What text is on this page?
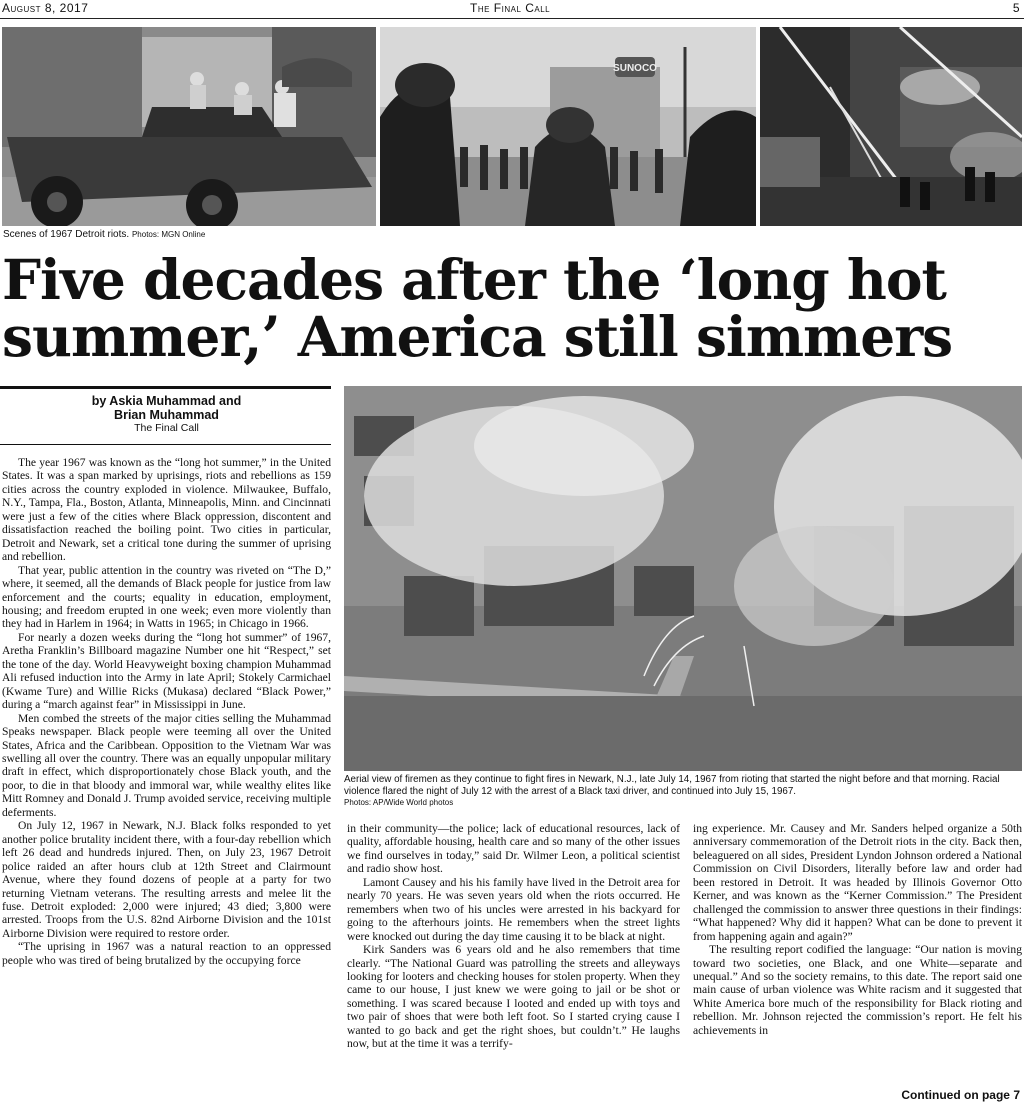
August 8, 2017	The Final Call	5
SUNOCO
Scenes of 1967 Detroit riots. Photos: MGN Online
Five decades after the ‘long hot summer,’ America still simmers
by Askia Muhammad and
Brian Muhammad
The Final Call
Aerial view of firemen as they continue to fight fires in Newark, N.J., late July 14, 1967 from rioting that started the night before and that morning. Racial violence flared the night of July 12 with the arrest of a Black taxi driver, and continued into July 15, 1967.
Photos: AP/Wide World photos

The year 1967 was known as the “long hot summer,” in the United States. It was a span marked by uprisings, riots and rebellions as 159 cities across the country exploded in violence. Milwaukee, Buffalo, N.Y., Tampa, Fla., Boston, Atlanta, Minneapolis, Minn. and Cincinnati were just a few of the cities where Black oppression, discontent and dissatisfaction reached the boiling point. Two cities in particular, Detroit and Newark, set a critical tone during the summer of uprising and rebellion.

That year, public attention in the country was riveted on “The D,” where, it seemed, all the demands of Black people for justice from law enforcement and the courts; equality in education, employment, housing; and freedom erupted in one week; even more violently than they had in Harlem in 1964; in Watts in 1965; in Chicago in 1966.

For nearly a dozen weeks during the “long hot summer” of 1967, Aretha Franklin’s Billboard magazine Number one hit “Respect,” set the tone of the day. World Heavyweight boxing champion Muhammad Ali refused induction into the Army in late April; Stokely Carmichael (Kwame Ture) and Willie Ricks (Mukasa) declared “Black Power,” during a “march against fear” in Mississippi in June.

Men combed the streets of the major cities selling the Muhammad Speaks newspaper. Black people were teeming all over the United States, Africa and the Caribbean. Opposition to the Vietnam War was swelling all over the country. There was an equally unpopular military draft in effect, which disproportionately chose Black youth, and the poor, to die in that bloody and immoral war, while wealthy elites like Mitt Romney and Donald J. Trump avoided service, receiving multiple deferments.

On July 12, 1967 in Newark, N.J. Black folks responded to yet another police brutality incident there, with a four-day rebellion which left 26 dead and hundreds injured. Then, on July 23, 1967 Detroit police raided an after hours club at 12th Street and Clairmount Avenue, where they found dozens of people at a party for two returning Vietnam veterans. The resulting arrests and melee lit the fuse. Detroit exploded: 2,000 were injured; 43 died; 3,800 were arrested. Troops from the U.S. 82nd Airborne Division and the 101st Airborne Division were required to restore order.

“The uprising in 1967 was a natural reaction to an oppressed people who was tired of being brutalized by the occupying force

in their community—the police; lack of educational resources, lack of quality, affordable housing, health care and so many of the other issues we find ourselves in today,” said Dr. Wilmer Leon, a political scientist and radio show host.

Lamont Causey and his his family have lived in the Detroit area for nearly 70 years. He was seven years old when the riots occurred. He remembers when two of his uncles were arrested in his backyard for going to the afterhours joints. He remembers when the street lights were knocked out during the day time causing it to be black at night.

Kirk Sanders was 6 years old and he also remembers that time clearly. “The National Guard was patrolling the streets and alleyways looking for looters and checking houses for stolen property. When they came to our house, I just knew we were going to jail or be shot or something. I was scared because I looted and ended up with toys and two pair of shoes that were both left foot. So I started crying cause I wanted to go back and get the right shoes, but couldn’t.” He laughs now, but at the time it was a terrify-

ing experience. Mr. Causey and Mr. Sanders helped organize a 50th anniversary commemoration of the Detroit riots in the city. Back then, beleaguered on all sides, President Lyndon Johnson ordered a National Commission on Civil Disorders, literally before law and order had been restored in Detroit. It was headed by Illinois Governor Otto Kerner, and was known as the “Kerner Commission.” The President challenged the commission to answer three questions in their findings: “What happened? Why did it happen? What can be done to prevent it from happening again and again?”

The resulting report codified the language: “Our nation is moving toward two societies, one Black, and one White—separate and unequal.” And so the society remains, to this date. The report said one main cause of urban violence was White racism and it suggested that White America bore much of the responsibility for Black rioting and rebellion. Mr. Johnson rejected the commission’s report. He felt his achievements in

Continued on page 7
